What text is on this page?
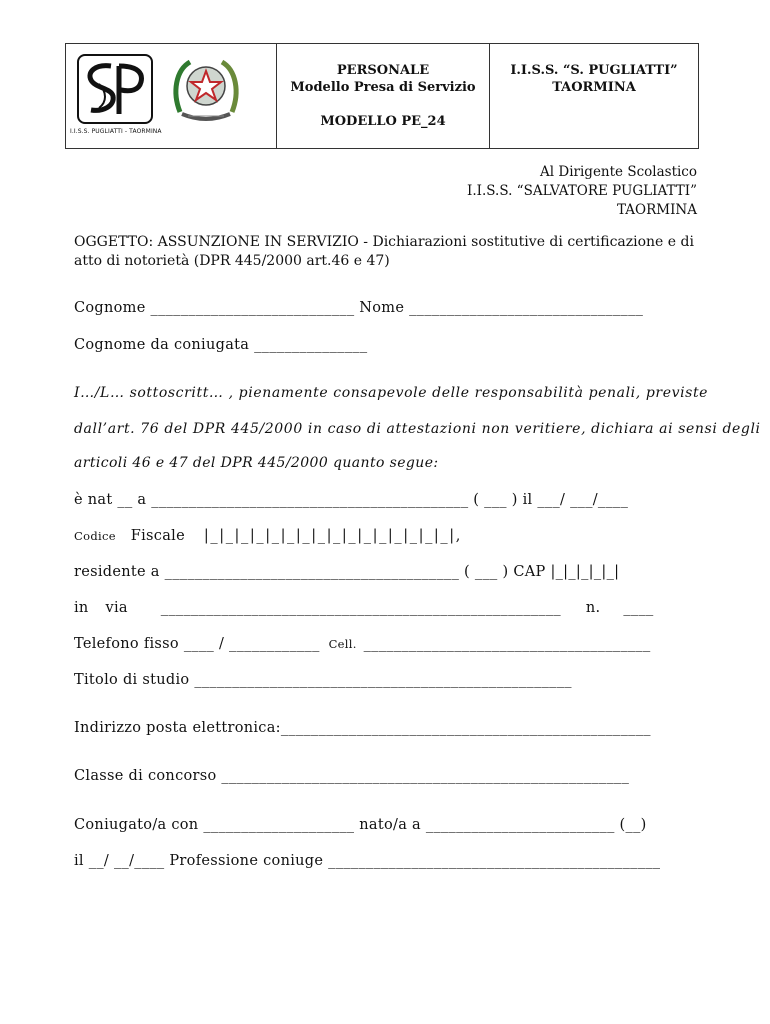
I.I.S.S. PUGLIATTI - TAORMINA
PERSONALE
Modello Presa di Servizio
MODELLO PE_24
I.I.S.S. “S. PUGLIATTI”
TAORMINA
Al Dirigente Scolastico
I.I.S.S. “SALVATORE PUGLIATTI”
TAORMINA
OGGETTO: ASSUNZIONE IN SERVIZIO - Dichiarazioni sostitutive di certificazione e di atto di notorietà (DPR 445/2000 art.46 e 47)
Cognome ___________________________ Nome _______________________________
Cognome da coniugata _______________
I…/L… sottoscritt… , pienamente consapevole delle responsabilità penali, previste
dall’art. 76 del DPR 445/2000 in caso di attestazioni non veritiere, dichiara ai sensi degli
articoli 46 e 47 del DPR 445/2000 quanto segue:
è nat __ a __________________________________________ ( ___ ) il ___/ ___/____
Codice Fiscale |_|_|_|_|_|_|_|_|_|_|_|_|_|_|_|_|,
residente a _______________________________________ ( ___ ) CAP |_|_|_|_|_|
in via _____________________________________________________ n. ____
Telefono fisso ____ / ____________ Cell. ______________________________________
Titolo di studio __________________________________________________
Indirizzo posta elettronica:_________________________________________________
Classe di concorso ______________________________________________________
Coniugato/a con ____________________ nato/a a _________________________ (__)
il __/ __/____ Professione coniuge ____________________________________________
